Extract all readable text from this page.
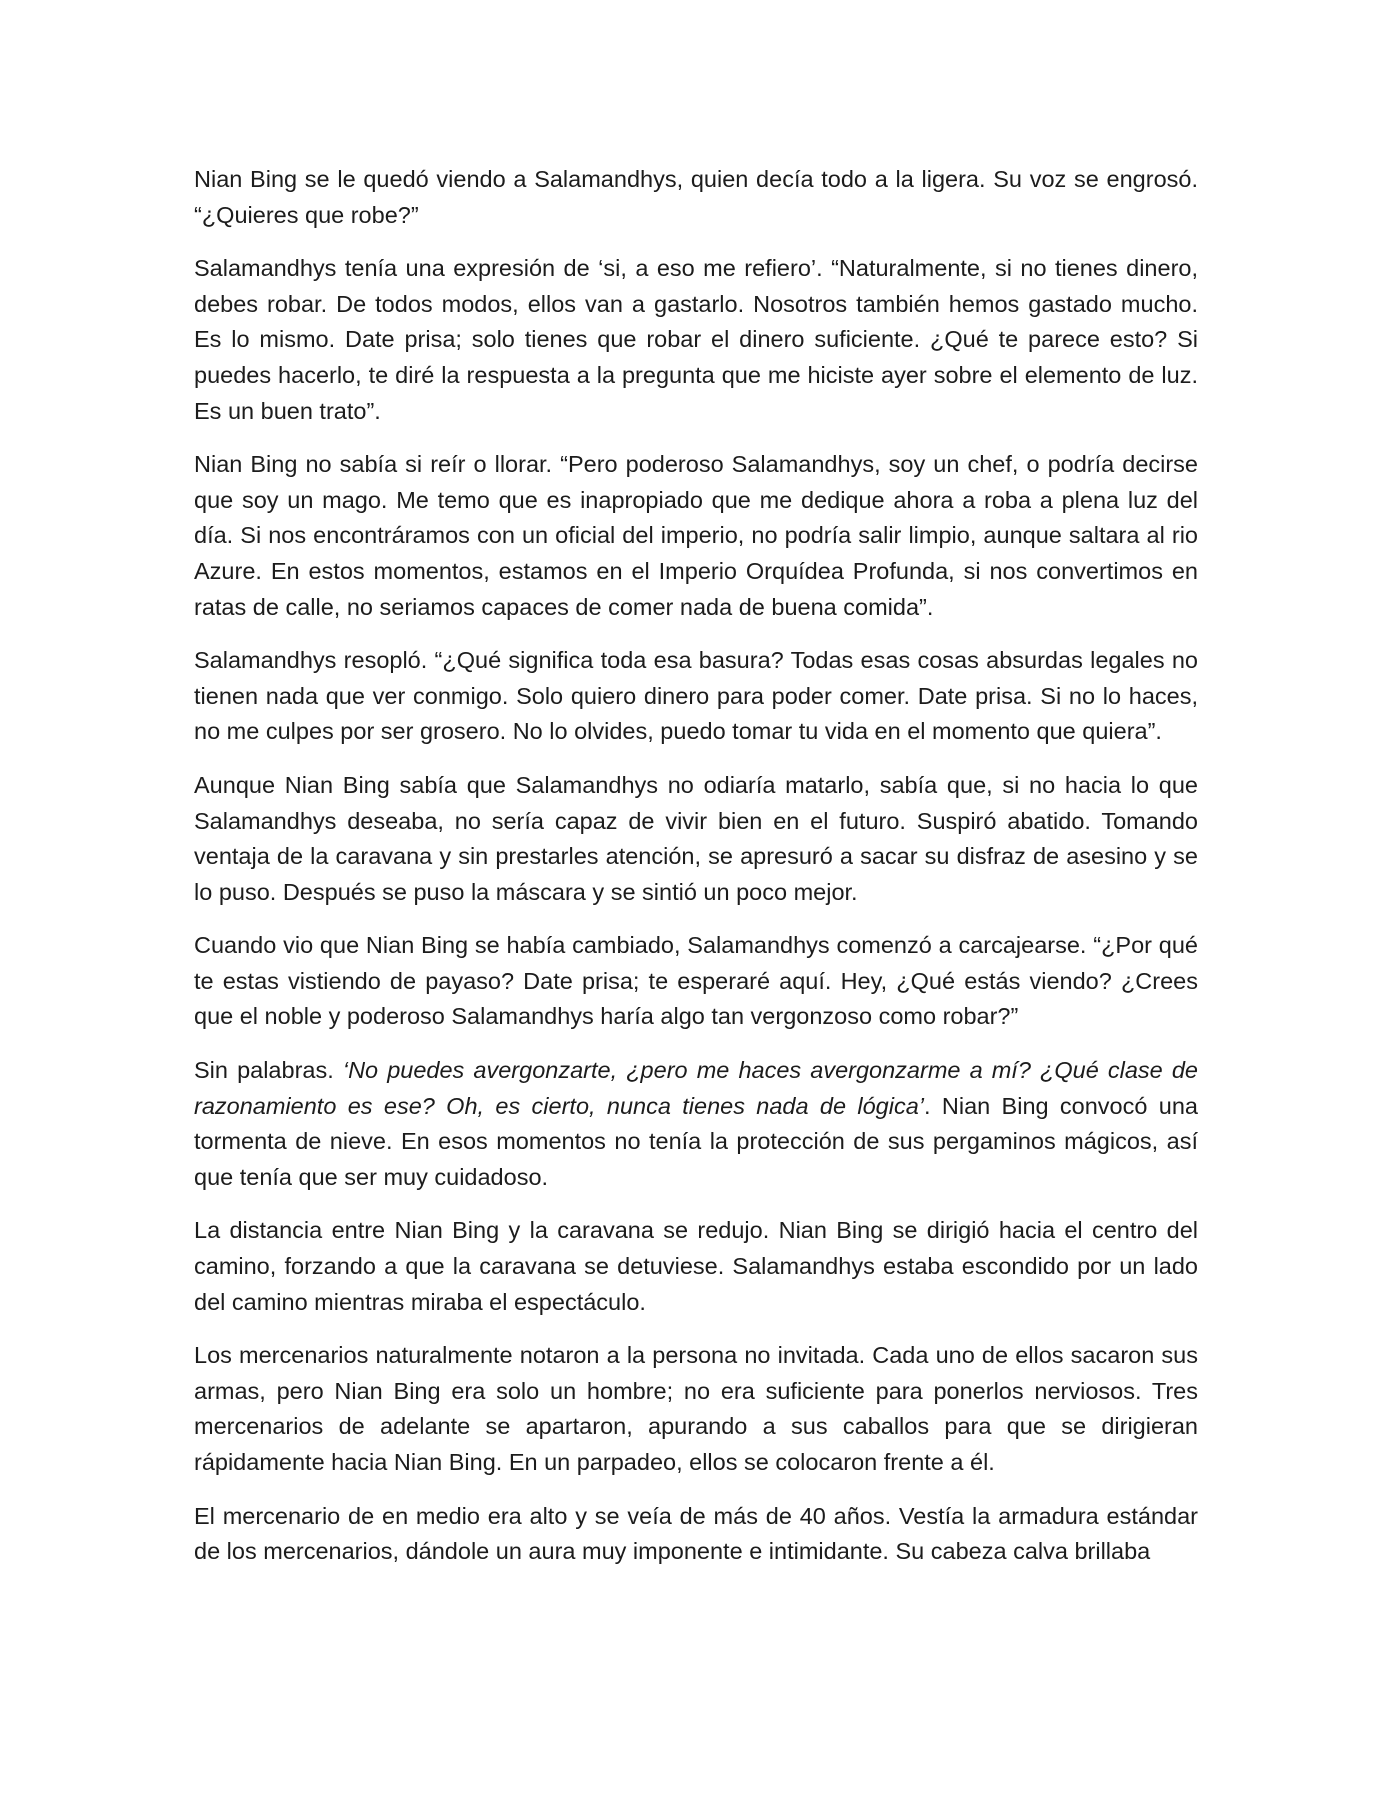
Nian Bing se le quedó viendo a Salamandhys, quien decía todo a la ligera. Su voz se engrosó. “¿Quieres que robe?”

Salamandhys tenía una expresión de ‘si, a eso me refiero’. “Naturalmente, si no tienes dinero, debes robar. De todos modos, ellos van a gastarlo. Nosotros también hemos gastado mucho. Es lo mismo. Date prisa; solo tienes que robar el dinero suficiente. ¿Qué te parece esto? Si puedes hacerlo, te diré la respuesta a la pregunta que me hiciste ayer sobre el elemento de luz. Es un buen trato”.

Nian Bing no sabía si reír o llorar. “Pero poderoso Salamandhys, soy un chef, o podría decirse que soy un mago. Me temo que es inapropiado que me dedique ahora a roba a plena luz del día. Si nos encontráramos con un oficial del imperio, no podría salir limpio, aunque saltara al rio Azure. En estos momentos, estamos en el Imperio Orquídea Profunda, si nos convertimos en ratas de calle, no seriamos capaces de comer nada de buena comida”.

Salamandhys resopló. “¿Qué significa toda esa basura? Todas esas cosas absurdas legales no tienen nada que ver conmigo. Solo quiero dinero para poder comer. Date prisa. Si no lo haces, no me culpes por ser grosero. No lo olvides, puedo tomar tu vida en el momento que quiera”.

Aunque Nian Bing sabía que Salamandhys no odiaría matarlo, sabía que, si no hacia lo que Salamandhys deseaba, no sería capaz de vivir bien en el futuro. Suspiró abatido. Tomando ventaja de la caravana y sin prestarles atención, se apresuró a sacar su disfraz de asesino y se lo puso. Después se puso la máscara y se sintió un poco mejor.

Cuando vio que Nian Bing se había cambiado, Salamandhys comenzó a carcajearse. “¿Por qué te estas vistiendo de payaso? Date prisa; te esperaré aquí. Hey, ¿Qué estás viendo? ¿Crees que el noble y poderoso Salamandhys haría algo tan vergonzoso como robar?”

Sin palabras. ‘No puedes avergonzarte, ¿pero me haces avergonzarme a mí? ¿Qué clase de razonamiento es ese? Oh, es cierto, nunca tienes nada de lógica’. Nian Bing convocó una tormenta de nieve. En esos momentos no tenía la protección de sus pergaminos mágicos, así que tenía que ser muy cuidadoso.

La distancia entre Nian Bing y la caravana se redujo. Nian Bing se dirigió hacia el centro del camino, forzando a que la caravana se detuviese. Salamandhys estaba escondido por un lado del camino mientras miraba el espectáculo.

Los mercenarios naturalmente notaron a la persona no invitada. Cada uno de ellos sacaron sus armas, pero Nian Bing era solo un hombre; no era suficiente para ponerlos nerviosos. Tres mercenarios de adelante se apartaron, apurando a sus caballos para que se dirigieran rápidamente hacia Nian Bing. En un parpadeo, ellos se colocaron frente a él.

El mercenario de en medio era alto y se veía de más de 40 años. Vestía la armadura estándar de los mercenarios, dándole un aura muy imponente e intimidante. Su cabeza calva brillaba
